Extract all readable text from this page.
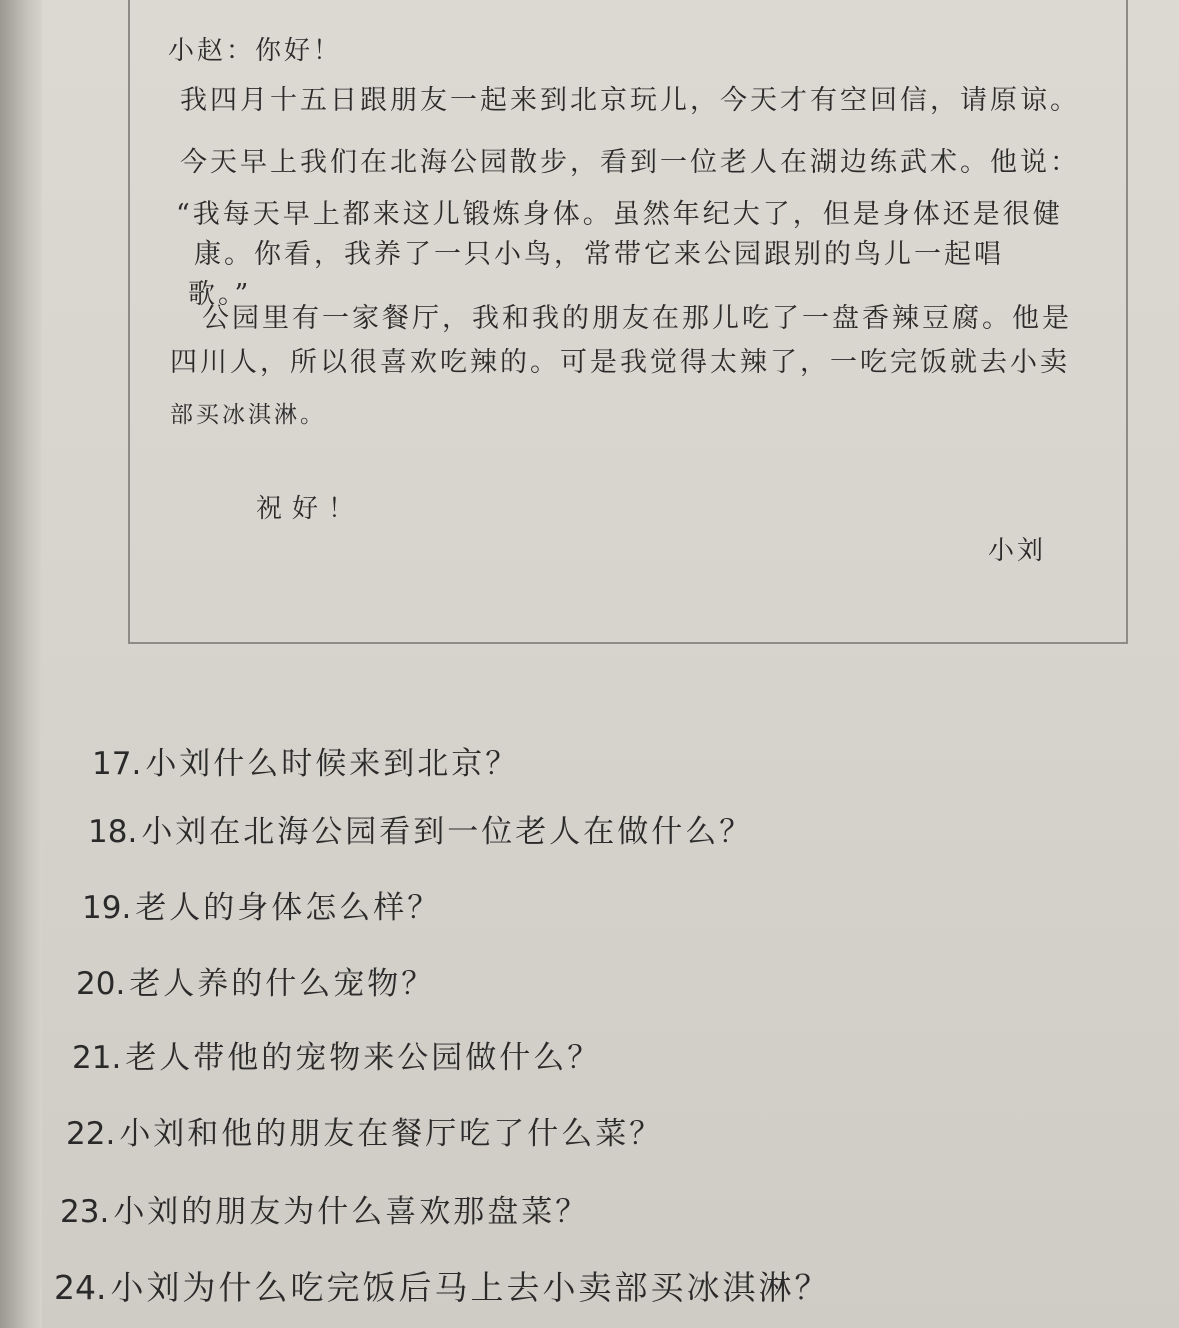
小赵：你好！
我四月十五日跟朋友一起来到北京玩儿，今天才有空回信，请原谅。
今天早上我们在北海公园散步，看到一位老人在湖边练武术。他说：
“我每天早上都来这儿锻炼身体。虽然年纪大了，但是身体还是很健
康。你看，我养了一只小鸟，常带它来公园跟别的鸟儿一起唱
歌。”
公园里有一家餐厅，我和我的朋友在那儿吃了一盘香辣豆腐。他是
四川人，所以很喜欢吃辣的。可是我觉得太辣了，一吃完饭就去小卖
部买冰淇淋。
祝好！
小刘
17. 小刘什么时候来到北京？
18. 小刘在北海公园看到一位老人在做什么？
19. 老人的身体怎么样？
20. 老人养的什么宠物？
21. 老人带他的宠物来公园做什么？
22. 小刘和他的朋友在餐厅吃了什么菜？
23. 小刘的朋友为什么喜欢那盘菜？
24. 小刘为什么吃完饭后马上去小卖部买冰淇淋？
